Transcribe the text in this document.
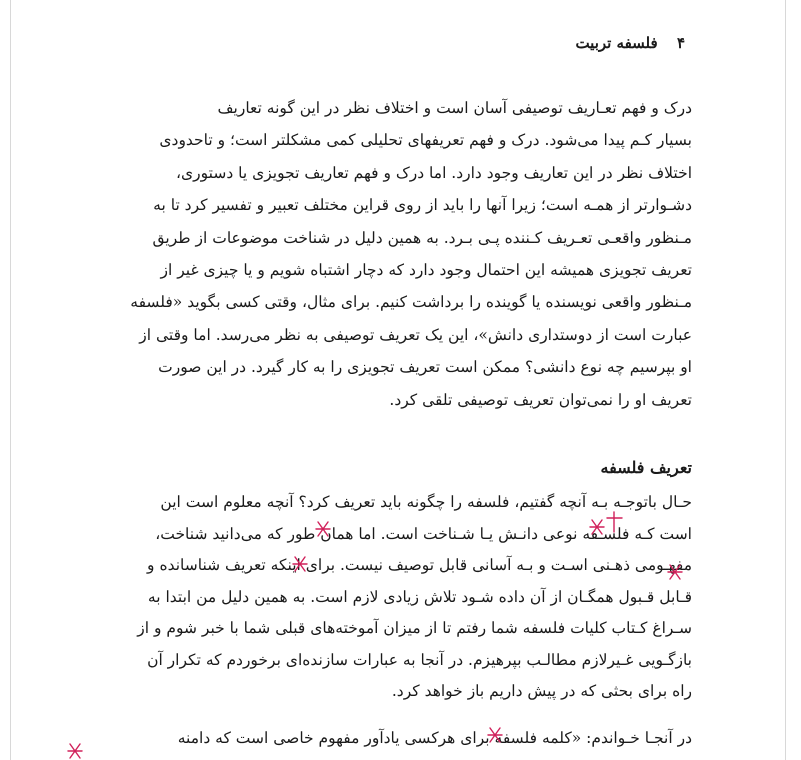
۴ فلسفه تربیت
درک و فهم تعـاریف توصیفی آسان است و اختلاف نظر در این گونه تعاریف
بسیار کـم پیدا می‌شود. درک و فهم تعریفهای تحلیلی کمی مشکلتر است؛ و تاحدودی
اختلاف نظر در این تعاریف وجود دارد. اما درک و فهم تعاریف تجویزی یا دستوری،
دشـوارتر از همـه است؛ زیرا آنها را باید از روی قراین مختلف تعبیر و تفسیر کرد تا به
مـنظور واقعـی تعـریف کـننده پـی بـرد. به همین دلیل در شناخت موضوعات از طریق
تعریف تجویزی همیشه این احتمال وجود دارد که دچار اشتباه شویم و یا چیزی غیر از
مـنظور واقعی نویسنده یا گوینده را برداشت کنیم. برای مثال، وقتی کسی بگوید «فلسفه
عبارت است از دوستداری دانش»، این یک تعریف توصیفی به نظر می‌رسد. اما وقتی از
او بپرسیم چه نوع دانشی؟ ممکن است تعریف تجویزی را به کار گیرد. در این صورت
تعریف او را نمی‌توان تعریف توصیفی تلقی کرد.
تعریف فلسفه
حـال باتوجـه بـه آنچه گفتیم، فلسفه را چگونه باید تعریف کرد؟ آنچه معلوم است این
است کـه فلسـفه نوعی دانـش یـا شـناخت است. اما همان طور که می‌دانید شناخت،
مفهـومی ذهـنی اسـت و بـه آسانی قابل توصیف نیست. برای اینکه تعریف شناسانده و
قـابل قـبول همگـان از آن داده شـود تلاش زیادی لازم است. به همین دلیل من ابتدا به
سـراغ کـتاب کلیات فلسفه شما رفتم تا از میزان آموخته‌های قبلی شما با خبر شوم و از
بازگـویی غـیرلازم مطالـب بپرهیزم. در آنجا به عبارات سازنده‌ای برخوردم که تکرار آن
راه برای بحثی که در پیش داریم باز خواهد کرد.
در آنجـا خـواندم: «کلمه فلسفه برای هرکسی یادآور مفهوم خاصی است که دامنه
